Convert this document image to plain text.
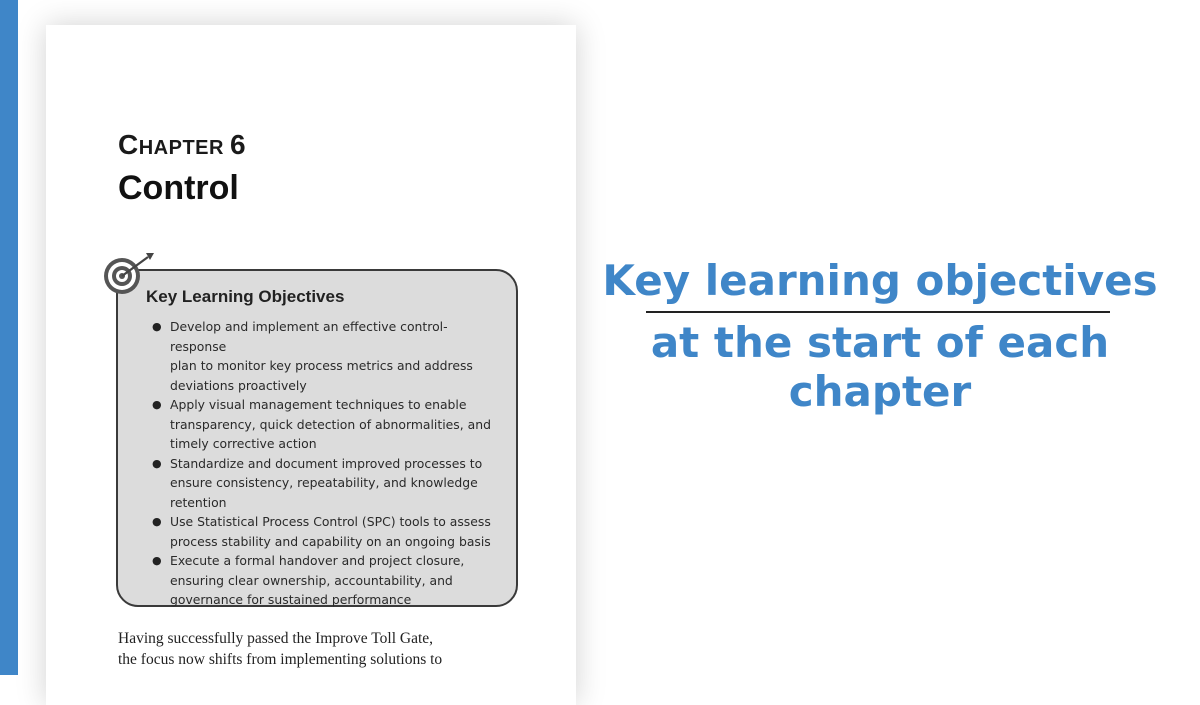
CHAPTER 6
Control
Key Learning Objectives
● Develop and implement an effective control-response
plan to monitor key process metrics and address
deviations proactively
● Apply visual management techniques to enable
transparency, quick detection of abnormalities, and
timely corrective action
● Standardize and document improved processes to
ensure consistency, repeatability, and knowledge
retention
● Use Statistical Process Control (SPC) tools to assess
process stability and capability on an ongoing basis
● Execute a formal handover and project closure,
ensuring clear ownership, accountability, and
governance for sustained performance
Having successfully passed the Improve Toll Gate,
the focus now shifts from implementing solutions to
Key learning objectives
at the start of each chapter
